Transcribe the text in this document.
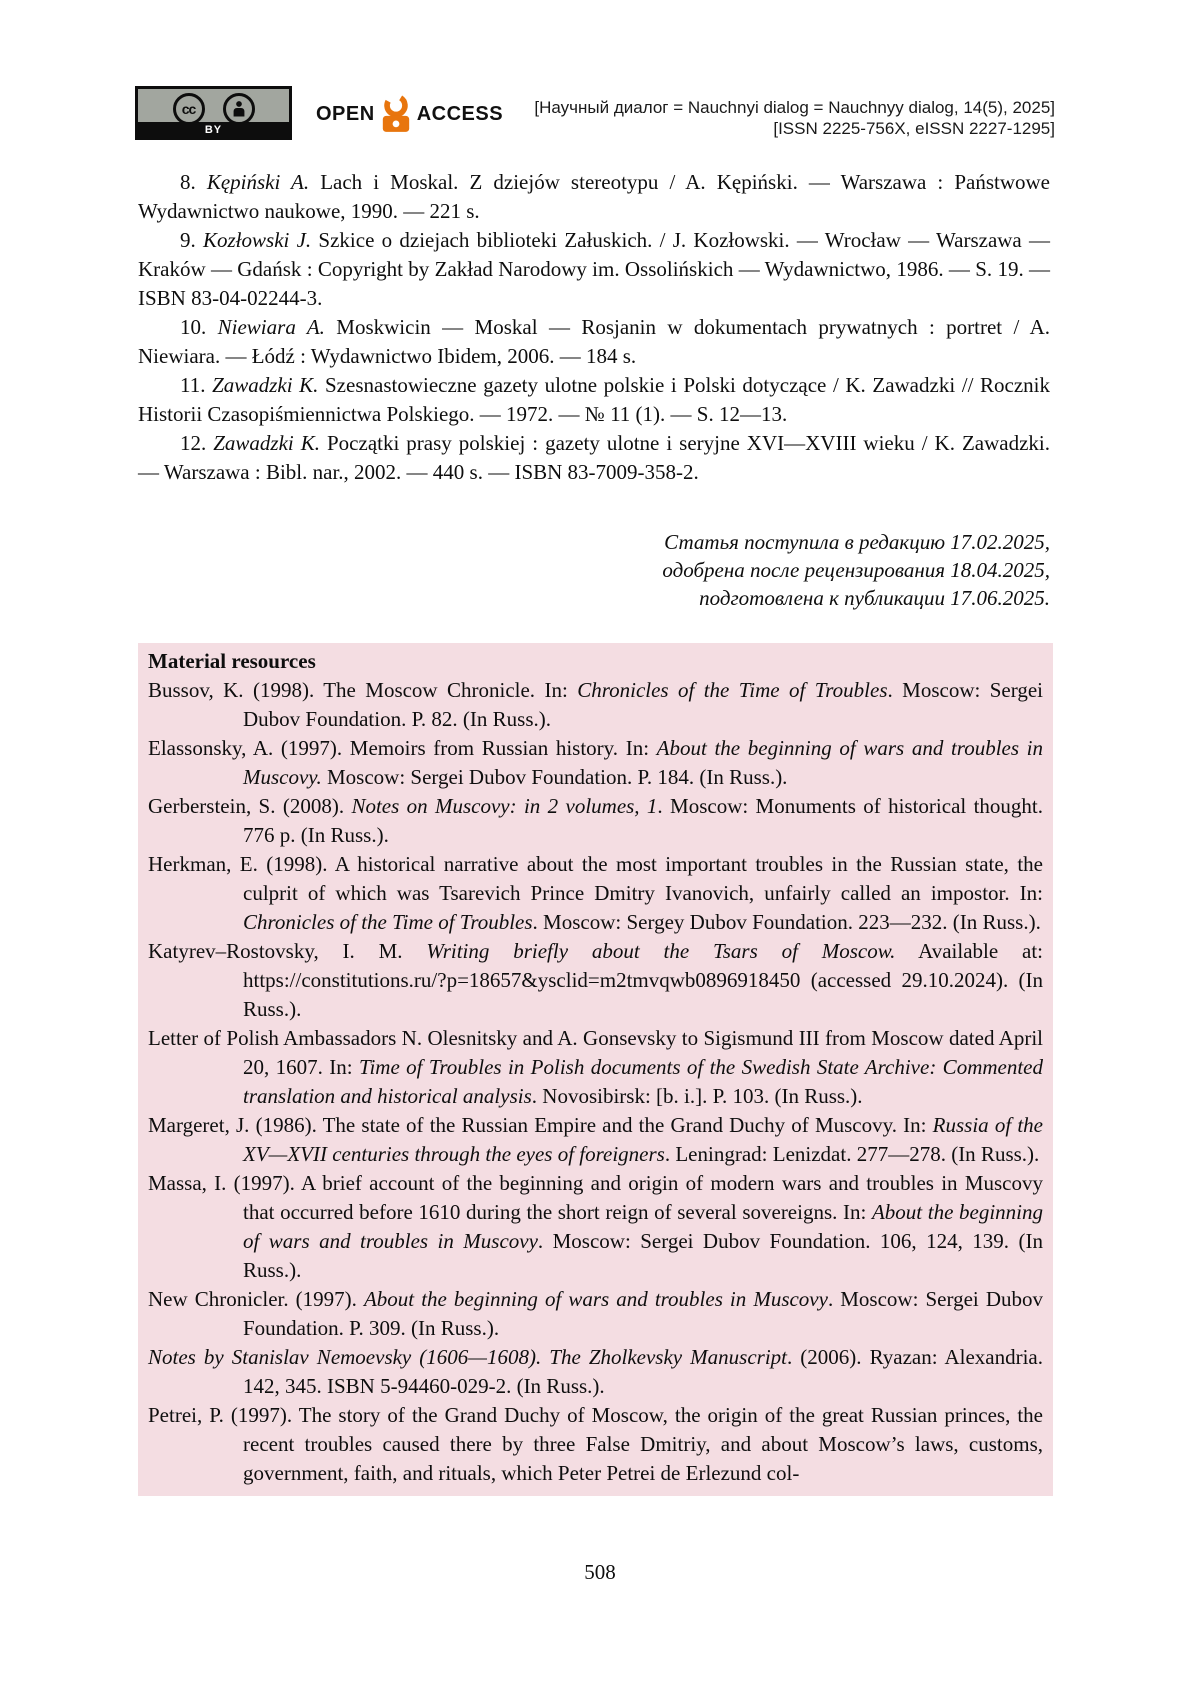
cc
BY
OPEN ACCESS [Научный диалог = Nauchnyi dialog = Nauchnyy dialog, 14(5), 2025]
[ISSN 2225-756X, eISSN 2227-1295]

8. Kępiński A. Lach i Moskal. Z dziejów stereotypu / A. Kępiński. — Warszawa : Państwowe Wydawnictwo naukowe, 1990. — 221 s.

9. Kozłowski J. Szkice o dziejach biblioteki Załuskich. / J. Kozłowski. — Wrocław — Warszawa — Kraków — Gdańsk : Copyright by Zakład Narodowy im. Ossolińskich — Wydawnictwo, 1986. — S. 19. — ISBN 83-04-02244-3.

10. Niewiara A. Moskwicin — Moskal — Rosjanin w dokumentach prywatnych : portret / A. Niewiara. — Łódź : Wydawnictwo Ibidem, 2006. — 184 s.

11. Zawadzki K. Szesnastowieczne gazety ulotne polskie i Polski dotyczące / K. Zawadzki // Rocznik Historii Czasopiśmiennictwa Polskiego. — 1972. — № 11 (1). — S. 12—13.

12. Zawadzki K. Początki prasy polskiej : gazety ulotne i seryjne XVI—XVIII wieku / K. Zawadzki. — Warszawa : Bibl. nar., 2002. — 440 s. — ISBN 83-7009-358-2.

Статья поступила в редакцию 17.02.2025,
одобрена после рецензирования 18.04.2025,
подготовлена к публикации 17.06.2025.
Material resources

Bussov, K. (1998). The Moscow Chronicle. In: Chronicles of the Time of Troubles. Moscow: Sergei Dubov Foundation. P. 82. (In Russ.).

Elassonsky, A. (1997). Memoirs from Russian history. In: About the beginning of wars and troubles in Muscovy. Moscow: Sergei Dubov Foundation. P. 184. (In Russ.).

Gerberstein, S. (2008). Notes on Muscovy: in 2 volumes, 1. Moscow: Monuments of historical thought. 776 p. (In Russ.).

Herkman, E. (1998). A historical narrative about the most important troubles in the Russian state, the culprit of which was Tsarevich Prince Dmitry Ivanovich, unfairly called an impostor. In: Chronicles of the Time of Troubles. Moscow: Sergey Dubov Foundation. 223—232. (In Russ.).

Katyrev–Rostovsky, I. M. Writing briefly about the Tsars of Moscow. Available at: https://constitutions.ru/?p=18657&ysclid=m2tmvqwb0896918450 (accessed 29.10.2024). (In Russ.).

Letter of Polish Ambassadors N. Olesnitsky and A. Gonsevsky to Sigismund III from Moscow dated April 20, 1607. In: Time of Troubles in Polish documents of the Swedish State Archive: Commented translation and historical analysis. Novosibirsk: [b. i.]. P. 103. (In Russ.).

Margeret, J. (1986). The state of the Russian Empire and the Grand Duchy of Muscovy. In: Russia of the XV—XVII centuries through the eyes of foreigners. Leningrad: Lenizdat. 277—278. (In Russ.).

Massa, I. (1997). A brief account of the beginning and origin of modern wars and troubles in Muscovy that occurred before 1610 during the short reign of several sovereigns. In: About the beginning of wars and troubles in Muscovy. Moscow: Sergei Dubov Foundation. 106, 124, 139. (In Russ.).

New Chronicler. (1997). About the beginning of wars and troubles in Muscovy. Moscow: Sergei Dubov Foundation. P. 309. (In Russ.).

Notes by Stanislav Nemoevsky (1606—1608). The Zholkevsky Manuscript. (2006). Ryazan: Alexandria. 142, 345. ISBN 5-94460-029-2. (In Russ.).

Petrei, P. (1997). The story of the Grand Duchy of Moscow, the origin of the great Russian princes, the recent troubles caused there by three False Dmitriy, and about Moscow’s laws, customs, government, faith, and rituals, which Peter Petrei de Erlezund col-

508
